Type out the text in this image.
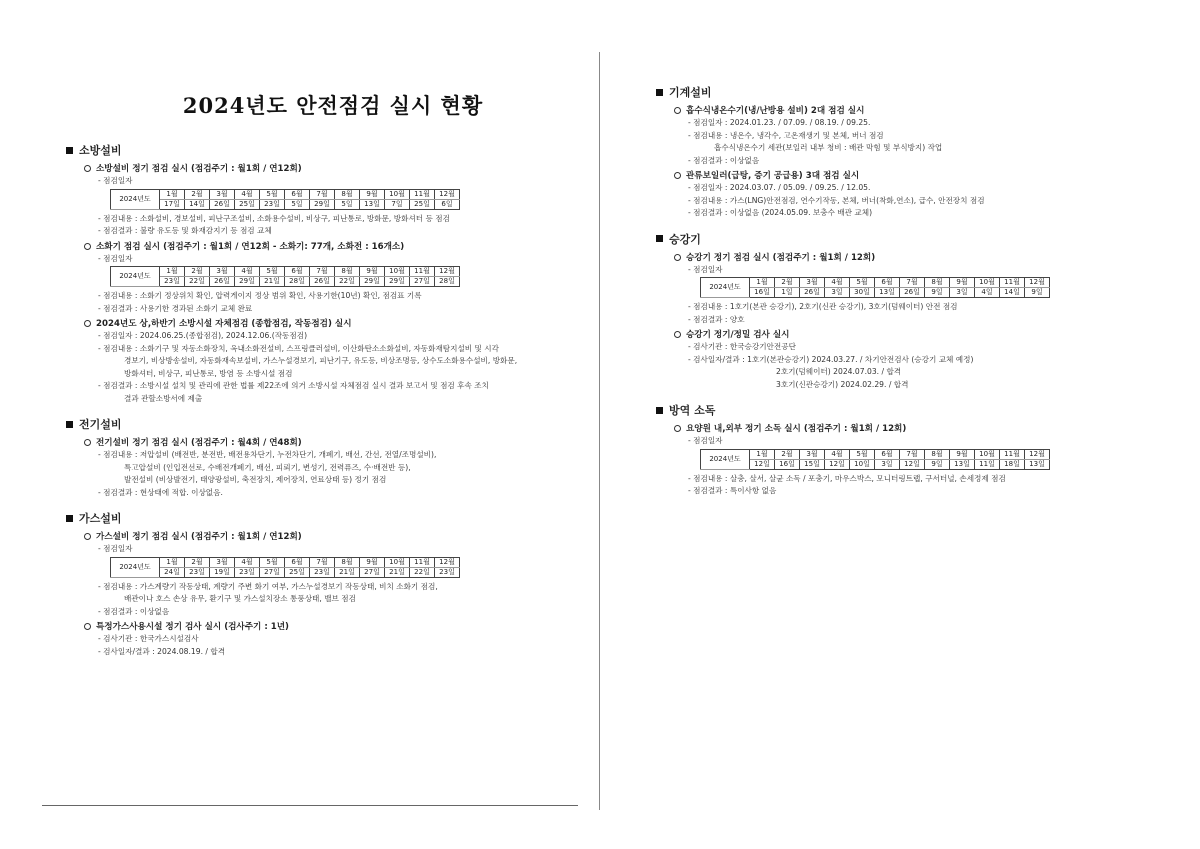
2024년도 안전점검 실시 현황
소방설비
소방설비 정기 점검 실시 (점검주기 : 월1회 / 연12회)
- 점검일자
2024년도	1월	2월	3월	4월	5월	6월	7월	8월	9월	10월	11월	12월
	17일	14일	26일	25일	23일	5일	29일	5일	13일	7일	25일	6일
- 점검내용 : 소화설비, 경보설비, 피난구조설비, 소화용수설비, 비상구, 피난통로, 방화문, 방화셔터 등 점검
- 점검결과 : 불량 유도등 및 화재감지기 등 점검 교체
소화기 점검 실시 (점검주기 : 월1회 / 연12회 - 소화기: 77개, 소화전 : 16개소)
- 점검일자
2024년도	1월	2월	3월	4월	5월	6월	7월	8월	9월	10월	11월	12월
	23일	22일	26일	29일	21일	28일	26일	22일	29일	29일	27일	28일
- 점검내용 : 소화기 정상위치 확인, 압력게이지 정상 범위 확인, 사용기한(10년) 확인, 점검표 기록
- 점검결과 : 사용기한 경과된 소화기 교체 완료
2024년도 상,하반기 소방시설 자체점검 (종합점검, 작동점검) 실시
- 점검일자 : 2024.06.25.(종합점검), 2024.12.06.(작동점검)
- 점검내용 : 소화기구 및 자동소화장치, 옥내소화전설비, 스프링클러설비, 이산화탄소소화설비, 자동화재탐지설비 및 시각
경보기, 비상방송설비, 자동화재속보설비, 가스누설경보기, 피난기구, 유도등, 비상조명등, 상수도소화용수설비, 방화문,
방화셔터, 비상구, 피난통로, 방염 등 소방시설 점검
- 점검결과 : 소방시설 설치 및 관리에 관한 법률 제22조에 의거 소방시설 자체점검 실시 결과 보고서 및 점검 후속 조치
결과 관할소방서에 제출
전기설비
전기설비 정기 점검 실시 (점검주기 : 월4회 / 연48회)
- 점검내용 : 저압설비 (배전반, 분전반, 배전용차단기, 누전차단기, 개폐기, 배선, 간선, 전열/조명설비),
특고압설비 (인입전선로, 수배전개폐기, 배선, 피뢰기, 변성기, 전력퓨즈, 수·배전반 등),
발전설비 (비상발전기, 태양광설비, 축전장치, 제어장치, 연료상태 등) 정기 점검
- 점검결과 : 현상태에 적합. 이상없음.
가스설비
가스설비 정기 점검 실시 (점검주기 : 월1회 / 연12회)
- 점검일자
2024년도	1월	2월	3월	4월	5월	6월	7월	8월	9월	10월	11월	12월
	24일	23일	19일	23일	27일	25일	23일	21일	27일	21일	22일	23일
- 점검내용 : 가스계량기 작동상태, 계량기 주변 화기 여부, 가스누설경보기 작동상태, 비치 소화기 점검,
배관이나 호스 손상 유무, 환기구 및 가스설치장소 통풍상태, 밸브 점검
- 점검결과 : 이상없음
특정가스사용시설 정기 검사 실시 (검사주기 : 1년)
- 검사기관 : 한국가스시설검사
- 검사일자/결과 : 2024.08.19. / 합격
기계설비
흡수식냉온수기(냉/난방용 설비) 2대 점검 실시
- 점검일자 : 2024.01.23. / 07.09. / 08.19. / 09.25.
- 점검내용 : 냉온수, 냉각수, 고온재생기 및 본체, 버너 점검
흡수식냉온수기 세관(보일러 내부 청비 : 배관 막힘 및 부식방지) 작업
- 점검결과 : 이상없음
관류보일러(급탕, 증기 공급용) 3대 점검 실시
- 점검일자 : 2024.03.07. / 05.09. / 09.25. / 12.05.
- 점검내용 : 가스(LNG)안전점검, 연수기작동, 본체, 버너(착화,연소), 급수, 안전장치 점검
- 점검결과 : 이상없음 (2024.05.09. 보충수 배관 교체)
승강기
승강기 정기 점검 실시 (점검주기 : 월1회 / 12회)
- 점검일자
2024년도	1월	2월	3월	4월	5월	6월	7월	8월	9월	10월	11월	12월
	16일	1일	26일	3일	30일	13일	26일	9일	3일	4일	14일	9일
- 점검내용 : 1호기(본관 승강기), 2호기(신관 승강기), 3호기(덤웨이터) 안전 점검
- 점검결과 : 양호
승강기 정기/정밀 검사 실시
- 검사기관 : 한국승강기안전공단
- 검사일자/결과 : 1호기(본관승강기) 2024.03.27. / 차기안전검사 (승강기 교체 예정)
2호기(덤웨이터) 2024.07.03. / 합격
3호기(신관승강기) 2024.02.29. / 합격
방역 소독
요양원 내,외부 정기 소독 실시 (점검주기 : 월1회 / 12회)
- 점검일자
2024년도	1월	2월	3월	4월	5월	6월	7월	8월	9월	10월	11월	12월
	12일	16일	15일	12일	10일	3일	12일	9일	13일	11일	18일	13일
- 점검내용 : 살충, 살서, 살균 소독 / 포충기, 마우스박스, 모니터링트랩, 구서터널, 손세정제 점검
- 점검결과 : 특이사항 없음
